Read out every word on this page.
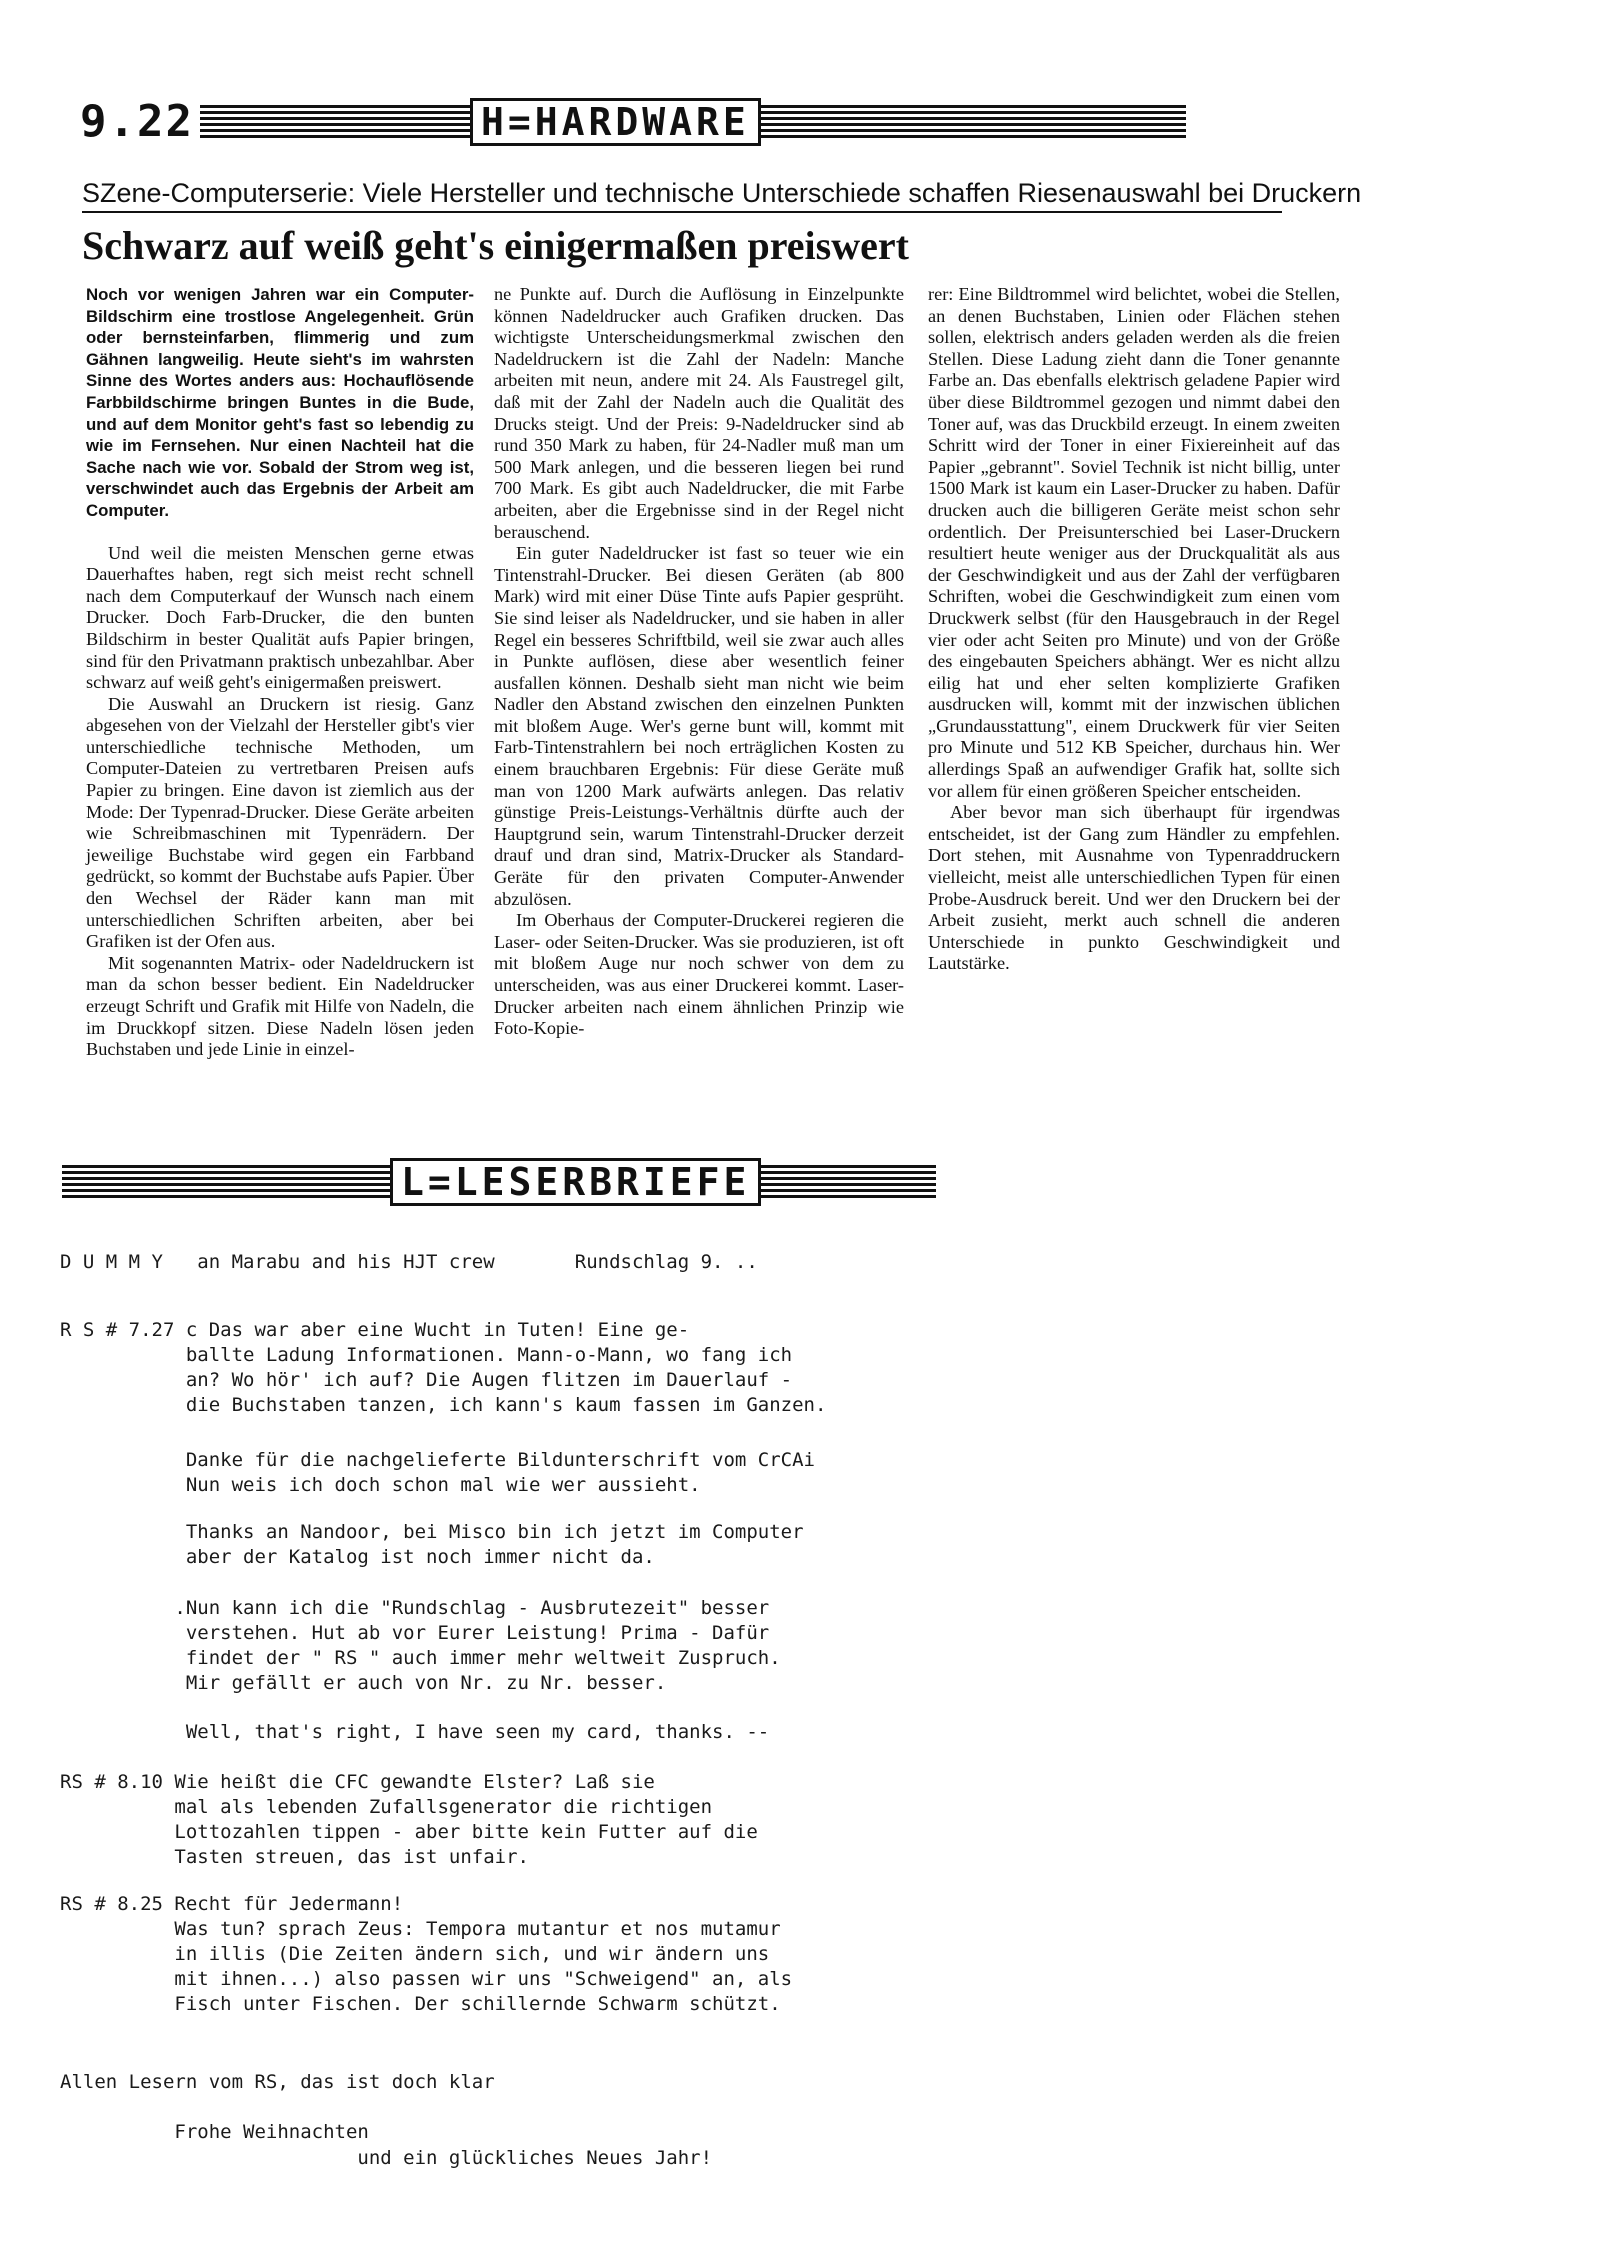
9.22	H=HARDWARE
SZene-Computerserie: Viele Hersteller und technische Unterschiede schaffen Riesenauswahl bei Druckern
Schwarz auf weiß geht's einigermaßen preiswert

Noch vor wenigen Jahren war ein Computer-Bildschirm eine trostlose Angelegenheit. Grün oder bernsteinfarben, flimmerig und zum Gähnen langweilig. Heute sieht's im wahrsten Sinne des Wortes anders aus: Hochauflösende Farbbildschirme bringen Buntes in die Bude, und auf dem Monitor geht's fast so lebendig zu wie im Fernsehen. Nur einen Nachteil hat die Sache nach wie vor. Sobald der Strom weg ist, verschwindet auch das Ergebnis der Arbeit am Computer.

Und weil die meisten Menschen gerne etwas Dauerhaftes haben, regt sich meist recht schnell nach dem Computerkauf der Wunsch nach einem Drucker. Doch Farb-Drucker, die den bunten Bildschirm in bester Qualität aufs Papier bringen, sind für den Privatmann praktisch unbezahlbar. Aber schwarz auf weiß geht's einigermaßen preiswert.

Die Auswahl an Druckern ist riesig. Ganz abgesehen von der Vielzahl der Hersteller gibt's vier unterschiedliche technische Methoden, um Computer-Dateien zu vertretbaren Preisen aufs Papier zu bringen. Eine davon ist ziemlich aus der Mode: Der Typenrad-Drucker. Diese Geräte arbeiten wie Schreibmaschinen mit Typenrädern. Der jeweilige Buchstabe wird gegen ein Farbband gedrückt, so kommt der Buchstabe aufs Papier. Über den Wechsel der Räder kann man mit unterschiedlichen Schriften arbeiten, aber bei Grafiken ist der Ofen aus.

Mit sogenannten Matrix- oder Nadeldruckern ist man da schon besser bedient. Ein Nadeldrucker erzeugt Schrift und Grafik mit Hilfe von Nadeln, die im Druckkopf sitzen. Diese Nadeln lösen jeden Buchstaben und jede Linie in einzel-

ne Punkte auf. Durch die Auflösung in Einzelpunkte können Nadeldrucker auch Grafiken drucken. Das wichtigste Unterscheidungsmerkmal zwischen den Nadeldruckern ist die Zahl der Nadeln: Manche arbeiten mit neun, andere mit 24. Als Faustregel gilt, daß mit der Zahl der Nadeln auch die Qualität des Drucks steigt. Und der Preis: 9-Nadeldrucker sind ab rund 350 Mark zu haben, für 24-Nadler muß man um 500 Mark anlegen, und die besseren liegen bei rund 700 Mark. Es gibt auch Nadeldrucker, die mit Farbe arbeiten, aber die Ergebnisse sind in der Regel nicht berauschend.

Ein guter Nadeldrucker ist fast so teuer wie ein Tintenstrahl-Drucker. Bei diesen Geräten (ab 800 Mark) wird mit einer Düse Tinte aufs Papier gesprüht. Sie sind leiser als Nadeldrucker, und sie haben in aller Regel ein besseres Schriftbild, weil sie zwar auch alles in Punkte auflösen, diese aber wesentlich feiner ausfallen können. Deshalb sieht man nicht wie beim Nadler den Abstand zwischen den einzelnen Punkten mit bloßem Auge. Wer's gerne bunt will, kommt mit Farb-Tintenstrahlern bei noch erträglichen Kosten zu einem brauchbaren Ergebnis: Für diese Geräte muß man von 1200 Mark aufwärts anlegen. Das relativ günstige Preis-Leistungs-Verhältnis dürfte auch der Hauptgrund sein, warum Tintenstrahl-Drucker derzeit drauf und dran sind, Matrix-Drucker als Standard-Geräte für den privaten Computer-Anwender abzulösen.

Im Oberhaus der Computer-Druckerei regieren die Laser- oder Seiten-Drucker. Was sie produzieren, ist oft mit bloßem Auge nur noch schwer von dem zu unterscheiden, was aus einer Druckerei kommt. Laser-Drucker arbeiten nach einem ähnlichen Prinzip wie Foto-Kopie-

rer: Eine Bildtrommel wird belichtet, wobei die Stellen, an denen Buchstaben, Linien oder Flächen stehen sollen, elektrisch anders geladen werden als die freien Stellen. Diese Ladung zieht dann die Toner genannte Farbe an. Das ebenfalls elektrisch geladene Papier wird über diese Bildtrommel gezogen und nimmt dabei den Toner auf, was das Druckbild erzeugt. In einem zweiten Schritt wird der Toner in einer Fixiereinheit auf das Papier „gebrannt". Soviel Technik ist nicht billig, unter 1500 Mark ist kaum ein Laser-Drucker zu haben. Dafür drucken auch die billigeren Geräte meist schon sehr ordentlich. Der Preisunterschied bei Laser-Druckern resultiert heute weniger aus der Druckqualität als aus der Geschwindigkeit und aus der Zahl der verfügbaren Schriften, wobei die Geschwindigkeit zum einen vom Druckwerk selbst (für den Hausgebrauch in der Regel vier oder acht Seiten pro Minute) und von der Größe des eingebauten Speichers abhängt. Wer es nicht allzu eilig hat und eher selten komplizierte Grafiken ausdrucken will, kommt mit der inzwischen üblichen „Grundausstattung", einem Druckwerk für vier Seiten pro Minute und 512 KB Speicher, durchaus hin. Wer allerdings Spaß an aufwendiger Grafik hat, sollte sich vor allem für einen größeren Speicher entscheiden.

Aber bevor man sich überhaupt für irgendwas entscheidet, ist der Gang zum Händler zu empfehlen. Dort stehen, mit Ausnahme von Typenraddruckern vielleicht, meist alle unterschiedlichen Typen für einen Probe-Ausdruck bereit. Und wer den Druckern bei der Arbeit zusieht, merkt auch schnell die anderen Unterschiede in punkto Geschwindigkeit und Lautstärke.

L=LESERBRIEFE
D U M M Y   an Marabu and his HJT crew       Rundschlag 9. ..
R S # 7.27 c Das war aber eine Wucht in Tuten! Eine ge-
ballte Ladung Informationen. Mann-o-Mann, wo fang ich
an? Wo hör' ich auf? Die Augen flitzen im Dauerlauf -
die Buchstaben tanzen, ich kann's kaum fassen im Ganzen.
Danke für die nachgelieferte Bildunterschrift vom CrCAi
Nun weis ich doch schon mal wie wer aussieht.
Thanks an Nandoor, bei Misco bin ich jetzt im Computer
aber der Katalog ist noch immer nicht da.
.Nun kann ich die "Rundschlag - Ausbrutezeit" besser
verstehen. Hut ab vor Eurer Leistung! Prima - Dafür
findet der " RS " auch immer mehr weltweit Zuspruch.
Mir gefällt er auch von Nr. zu Nr. besser.
Well, that's right, I have seen my card, thanks. --
RS # 8.10 Wie heißt die CFC gewandte Elster? Laß sie
mal als lebenden Zufallsgenerator die richtigen
Lottozahlen tippen - aber bitte kein Futter auf die
Tasten streuen, das ist unfair.
RS # 8.25 Recht für Jedermann!
Was tun? sprach Zeus: Tempora mutantur et nos mutamur
in illis (Die Zeiten ändern sich, und wir ändern uns
mit ihnen...) also passen wir uns "Schweigend" an, als
Fisch unter Fischen. Der schillernde Schwarm schützt.
Allen Lesern vom RS, das ist doch klar
Frohe Weihnachten
und ein glückliches Neues Jahr!
